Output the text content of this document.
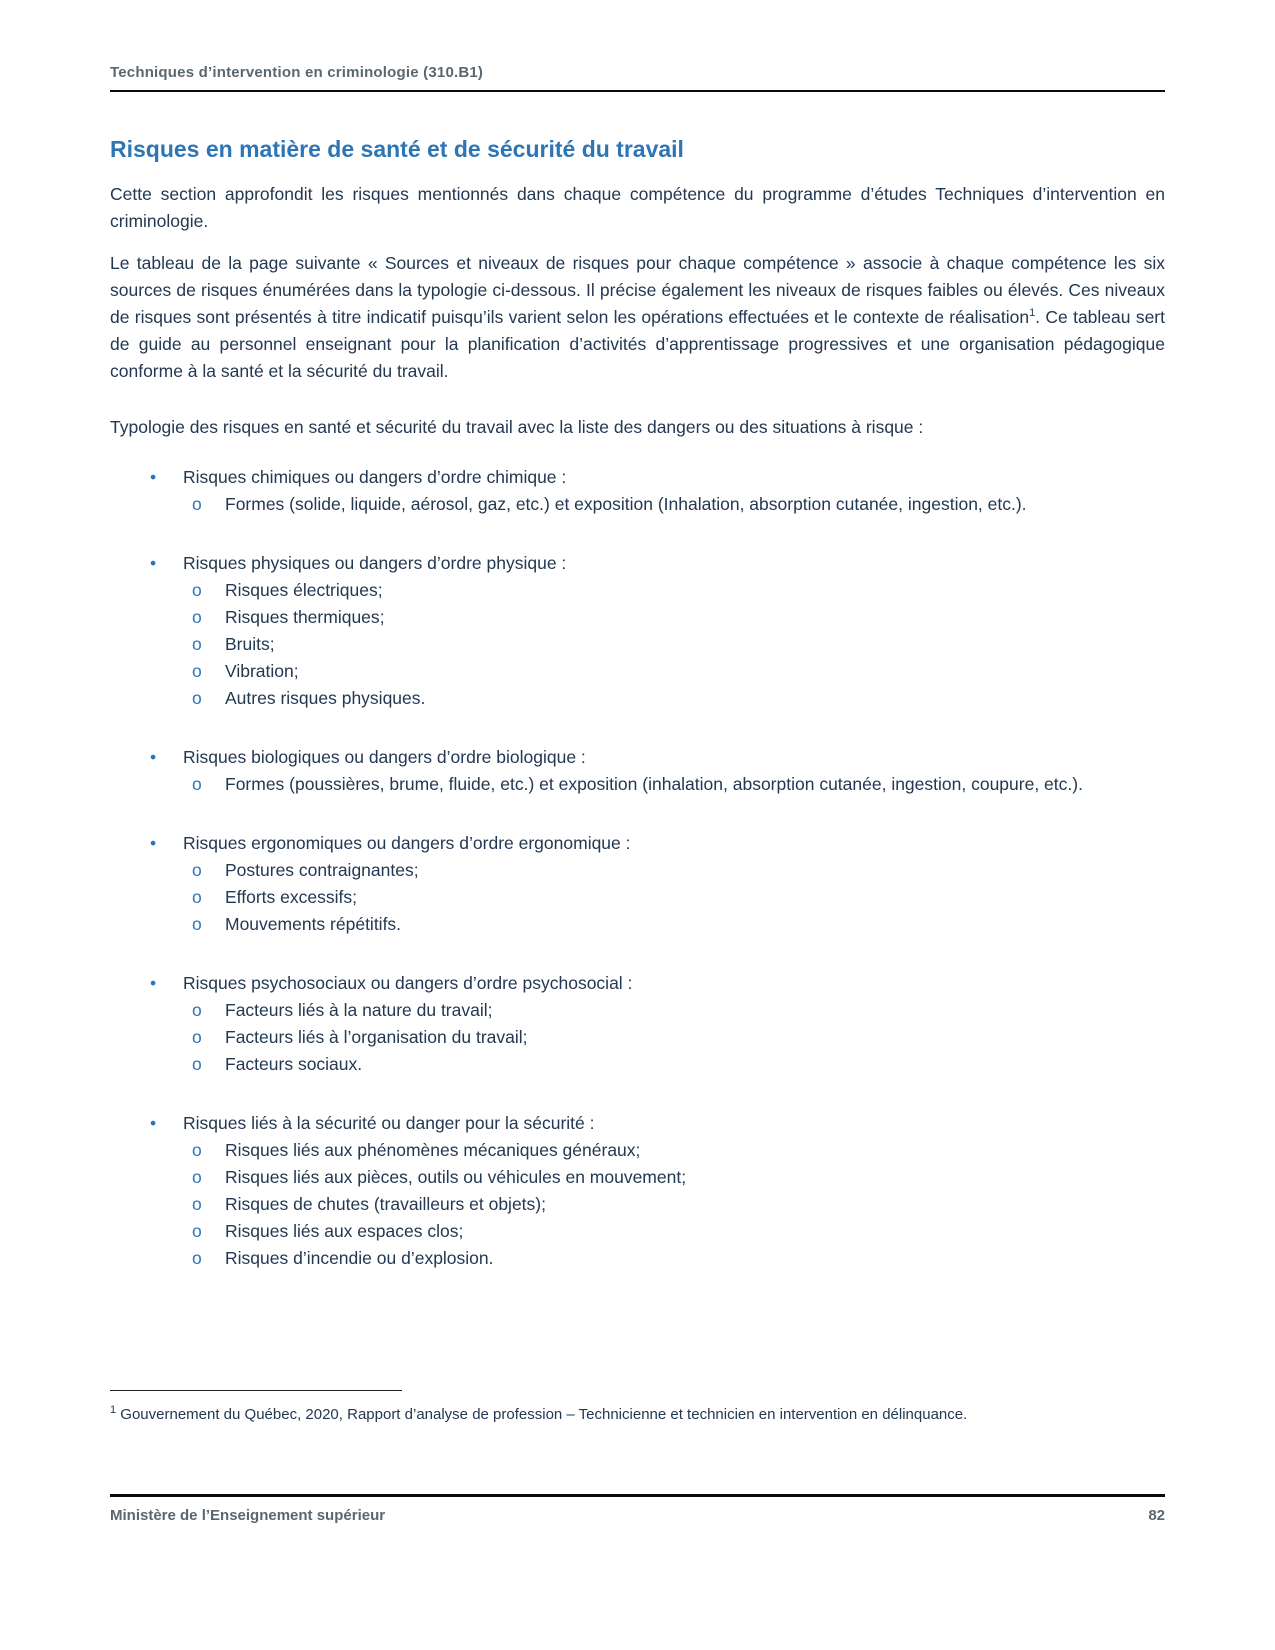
Techniques d’intervention en criminologie (310.B1)
Risques en matière de santé et de sécurité du travail

Cette section approfondit les risques mentionnés dans chaque compétence du programme d’études Techniques d’intervention en criminologie.

Le tableau de la page suivante « Sources et niveaux de risques pour chaque compétence » associe à chaque compétence les six sources de risques énumérées dans la typologie ci-dessous. Il précise également les niveaux de risques faibles ou élevés. Ces niveaux de risques sont présentés à titre indicatif puisqu’ils varient selon les opérations effectuées et le contexte de réalisation$^1$. Ce tableau sert de guide au personnel enseignant pour la planification d’activités d’apprentissage progressives et une organisation pédagogique conforme à la santé et la sécurité du travail.

Typologie des risques en santé et sécurité du travail avec la liste des dangers ou des situations à risque :

•	Risques chimiques ou dangers d’ordre chimique :
o	Formes (solide, liquide, aérosol, gaz, etc.) et exposition (Inhalation, absorption cutanée, ingestion, etc.).
•	Risques physiques ou dangers d’ordre physique :
o	Risques électriques;
o	Risques thermiques;
o	Bruits;
o	Vibration;
o	Autres risques physiques.
•	Risques biologiques ou dangers d’ordre biologique :
o	Formes (poussières, brume, fluide, etc.) et exposition (inhalation, absorption cutanée, ingestion, coupure, etc.).
•	Risques ergonomiques ou dangers d’ordre ergonomique :
o	Postures contraignantes;
o	Efforts excessifs;
o	Mouvements répétitifs.
•	Risques psychosociaux ou dangers d’ordre psychosocial :
o	Facteurs liés à la nature du travail;
o	Facteurs liés à l’organisation du travail;
o	Facteurs sociaux.
•	Risques liés à la sécurité ou danger pour la sécurité :
o	Risques liés aux phénomènes mécaniques généraux;
o	Risques liés aux pièces, outils ou véhicules en mouvement;
o	Risques de chutes (travailleurs et objets);
o	Risques liés aux espaces clos;
o	Risques d’incendie ou d’explosion.

$^1$ Gouvernement du Québec, 2020, Rapport d’analyse de profession – Technicienne et technicien en intervention en délinquance.

Ministère de l’Enseignement supérieur	82
